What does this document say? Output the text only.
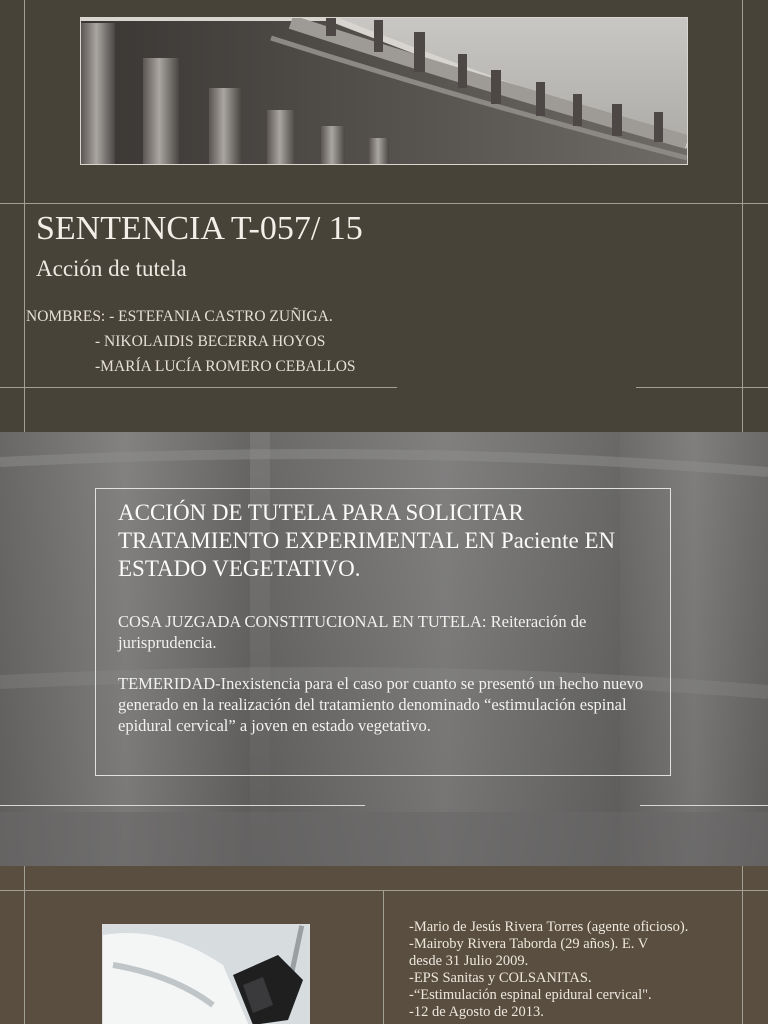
SENTENCIA T-057/ 15
Acción de tutela
NOMBRES: - ESTEFANIA CASTRO ZUÑIGA.
- NIKOLAIDIS BECERRA HOYOS
-MARÍA LUCÍA ROMERO CEBALLOS

ACCIÓN DE TUTELA PARA SOLICITAR TRATAMIENTO EXPERIMENTAL EN Paciente EN ESTADO VEGETATIVO.

COSA JUZGADA CONSTITUCIONAL EN TUTELA: Reiteración de jurisprudencia.

TEMERIDAD-Inexistencia para el caso por cuanto se presentó un hecho nuevo generado en la realización del tratamiento denominado “estimulación espinal epidural cervical” a joven en estado vegetativo.

-Mario de Jesús Rivera Torres (agente oficioso).
-Mairoby Rivera Taborda (29 años). E. V
desde 31 Julio 2009.
-EPS Sanitas y COLSANITAS.
-“Estimulación espinal epidural cervical".
-12 de Agosto de 2013.
